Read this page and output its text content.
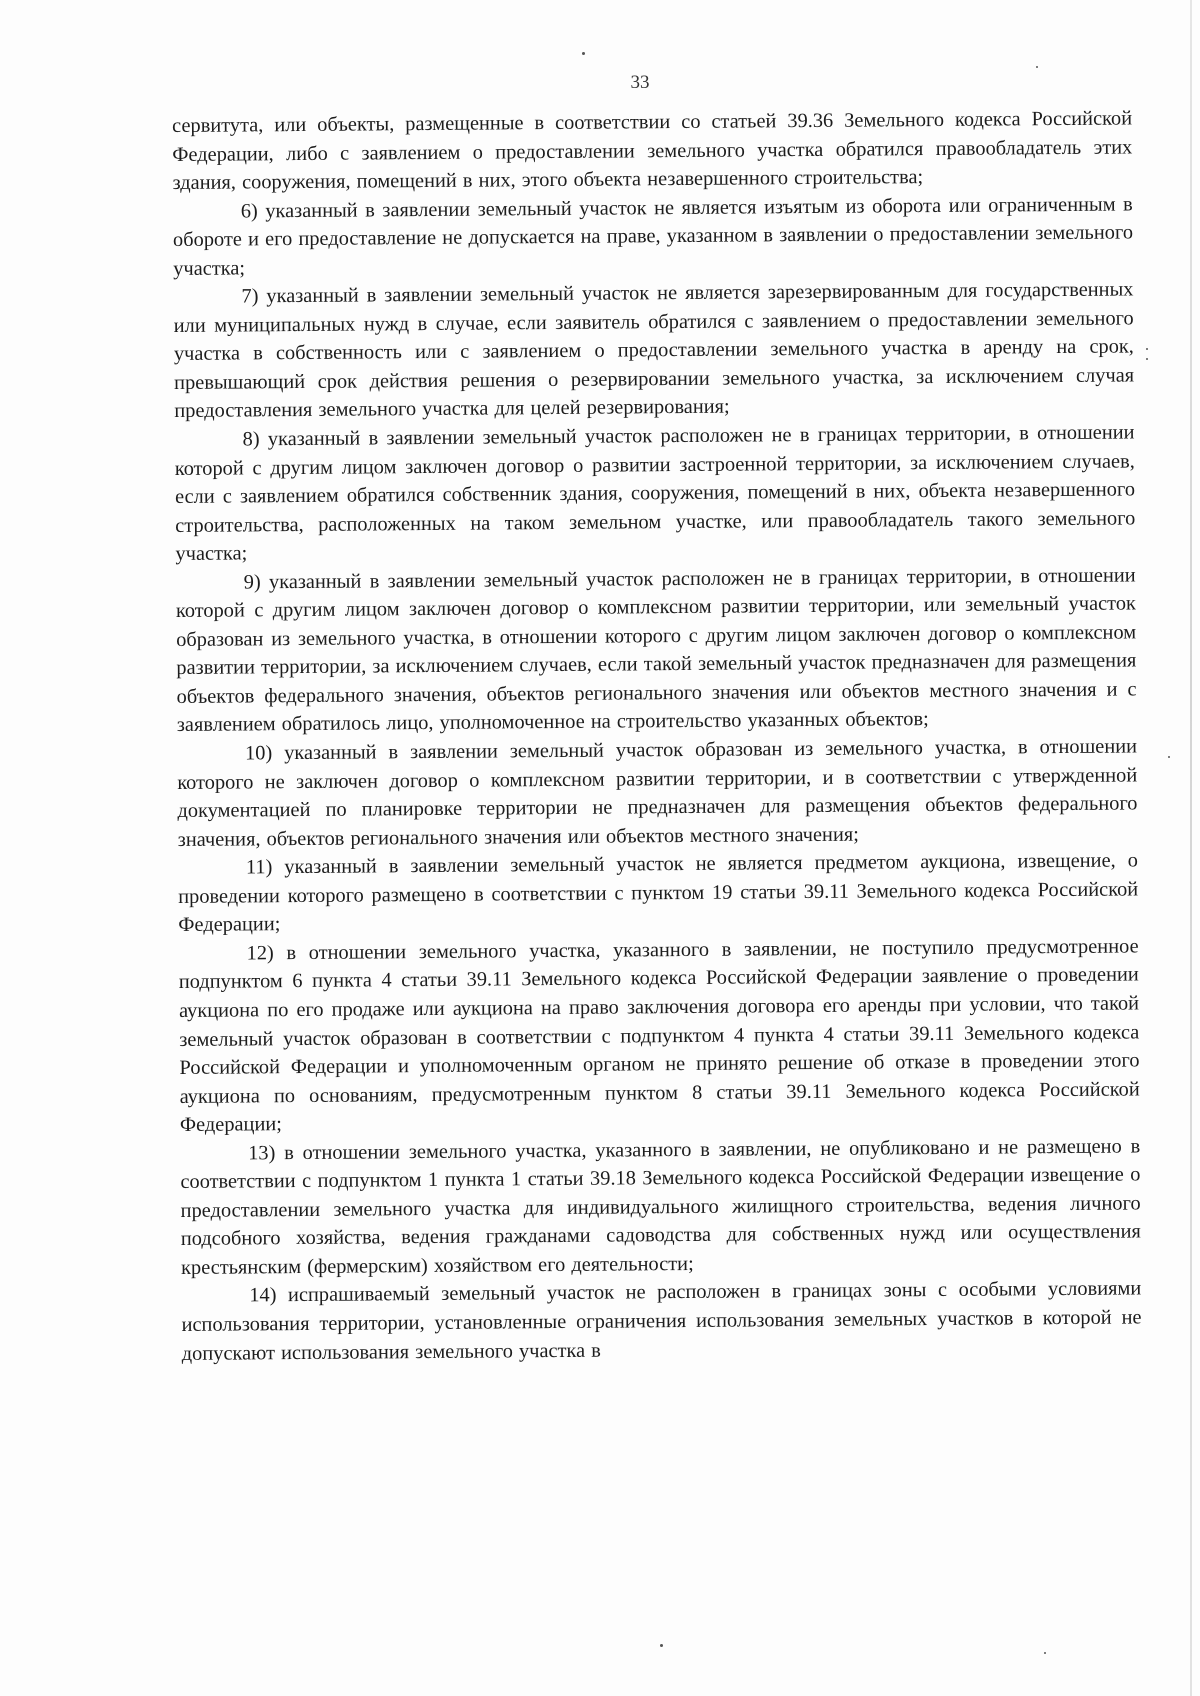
33

сервитута, или объекты, размещенные в соответствии со статьей 39.36 Земельного кодекса Российской Федерации, либо с заявлением о предоставлении земельного участка обратился правообладатель этих здания, сооружения, помещений в них, этого объекта незавершенного строительства;

6) указанный в заявлении земельный участок не является изъятым из оборота или ограниченным в обороте и его предоставление не допускается на праве, указанном в заявлении о предоставлении земельного участка;

7) указанный в заявлении земельный участок не является зарезервированным для государственных или муниципальных нужд в случае, если заявитель обратился с заявлением о предоставлении земельного участка в собственность или с заявлением о предоставлении земельного участка в аренду на срок, превышающий срок действия решения о резервировании земельного участка, за исключением случая предоставления земельного участка для целей резервирования;

8) указанный в заявлении земельный участок расположен не в границах территории, в отношении которой с другим лицом заключен договор о развитии застроенной территории, за исключением случаев, если с заявлением обратился собственник здания, сооружения, помещений в них, объекта незавершенного строительства, расположенных на таком земельном участке, или правообладатель такого земельного участка;

9) указанный в заявлении земельный участок расположен не в границах территории, в отношении которой с другим лицом заключен договор о комплексном развитии территории, или земельный участок образован из земельного участка, в отношении которого с другим лицом заключен договор о комплексном развитии территории, за исключением случаев, если такой земельный участок предназначен для размещения объектов федерального значения, объектов регионального значения или объектов местного значения и с заявлением обратилось лицо, уполномоченное на строительство указанных объектов;

10) указанный в заявлении земельный участок образован из земельного участка, в отношении которого не заключен договор о комплексном развитии территории, и в соответствии с утвержденной документацией по планировке территории не предназначен для размещения объектов федерального значения, объектов регионального значения или объектов местного значения;

11) указанный в заявлении земельный участок не является предметом аукциона, извещение, о проведении которого размещено в соответствии с пунктом 19 статьи 39.11 Земельного кодекса Российской Федерации;

12) в отношении земельного участка, указанного в заявлении, не поступило предусмотренное подпунктом 6 пункта 4 статьи 39.11 Земельного кодекса Российской Федерации заявление о проведении аукциона по его продаже или аукциона на право заключения договора его аренды при условии, что такой земельный участок образован в соответствии с подпунктом 4 пункта 4 статьи 39.11 Земельного кодекса Российской Федерации и уполномоченным органом не принято решение об отказе в проведении этого аукциона по основаниям, предусмотренным пунктом 8 статьи 39.11 Земельного кодекса Российской Федерации;

13) в отношении земельного участка, указанного в заявлении, не опубликовано и не размещено в соответствии с подпунктом 1 пункта 1 статьи 39.18 Земельного кодекса Российской Федерации извещение о предоставлении земельного участка для индивидуального жилищного строительства, ведения личного подсобного хозяйства, ведения гражданами садоводства для собственных нужд или осуществления крестьянским (фермерским) хозяйством его деятельности;

14) испрашиваемый земельный участок не расположен в границах зоны с особыми условиями использования территории, установленные ограничения использования земельных участков в которой не допускают использования земельного участка в
